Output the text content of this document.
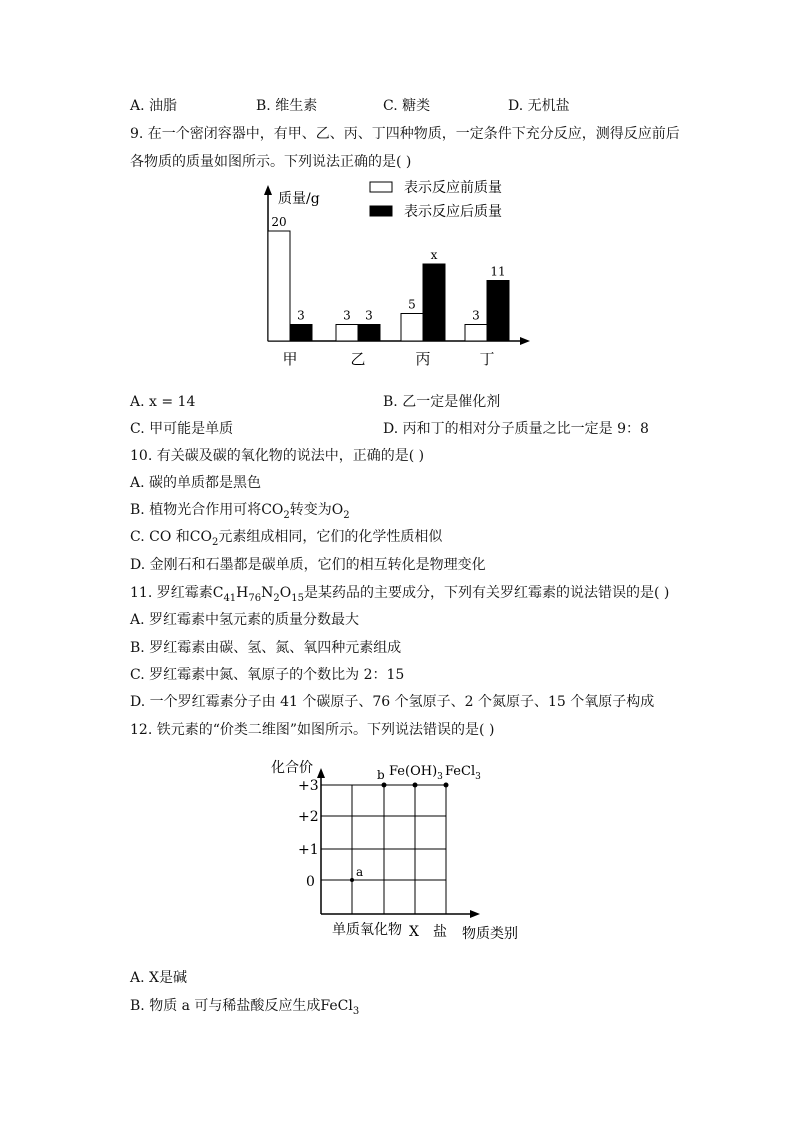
A. 油脂	B. 维生素	C. 糖类	D. 无机盐
9. 在一个密闭容器中，有甲、乙、丙、丁四种物质，一定条件下充分反应，测得反应前后
各物质的质量如图所示。下列说法正确的是( )
质量/g
表示反应前质量
表示反应后质量
20
3
甲
3 3
乙
5
x
丙
3
11
丁
A. x = 14	B. 乙一定是催化剂
C. 甲可能是单质	D. 丙和丁的相对分子质量之比一定是 9：8
10. 有关碳及碳的氧化物的说法中，正确的是( )
A. 碳的单质都是黑色
B. 植物光合作用可将$CO_2$转变为$O_2$
C. CO 和$CO_2$元素组成相同，它们的化学性质相似
D. 金刚石和石墨都是碳单质，它们的相互转化是物理变化
11. 罗红霉素$C_{41}H_{76}N_2O_{15}$是某药品的主要成分，下列有关罗红霉素的说法错误的是( )
A. 罗红霉素中氢元素的质量分数最大
B. 罗红霉素由碳、氢、氮、氧四种元素组成
C. 罗红霉素中氮、氧原子的个数比为 2：15
D. 一个罗红霉素分子由 41 个碳原子、76 个氢原子、2 个氮原子、15 个氧原子构成
12. 铁元素的“价类二维图”如图所示。下列说法错误的是( )
化合价
+3
+2
+1
0
a
b $Fe(OH)_3$ FeCl$_3$
单质 氧化物 X 盐 物质类别
A. X是碱
B. 物质 a 可与稀盐酸反应生成FeCl$_3$
